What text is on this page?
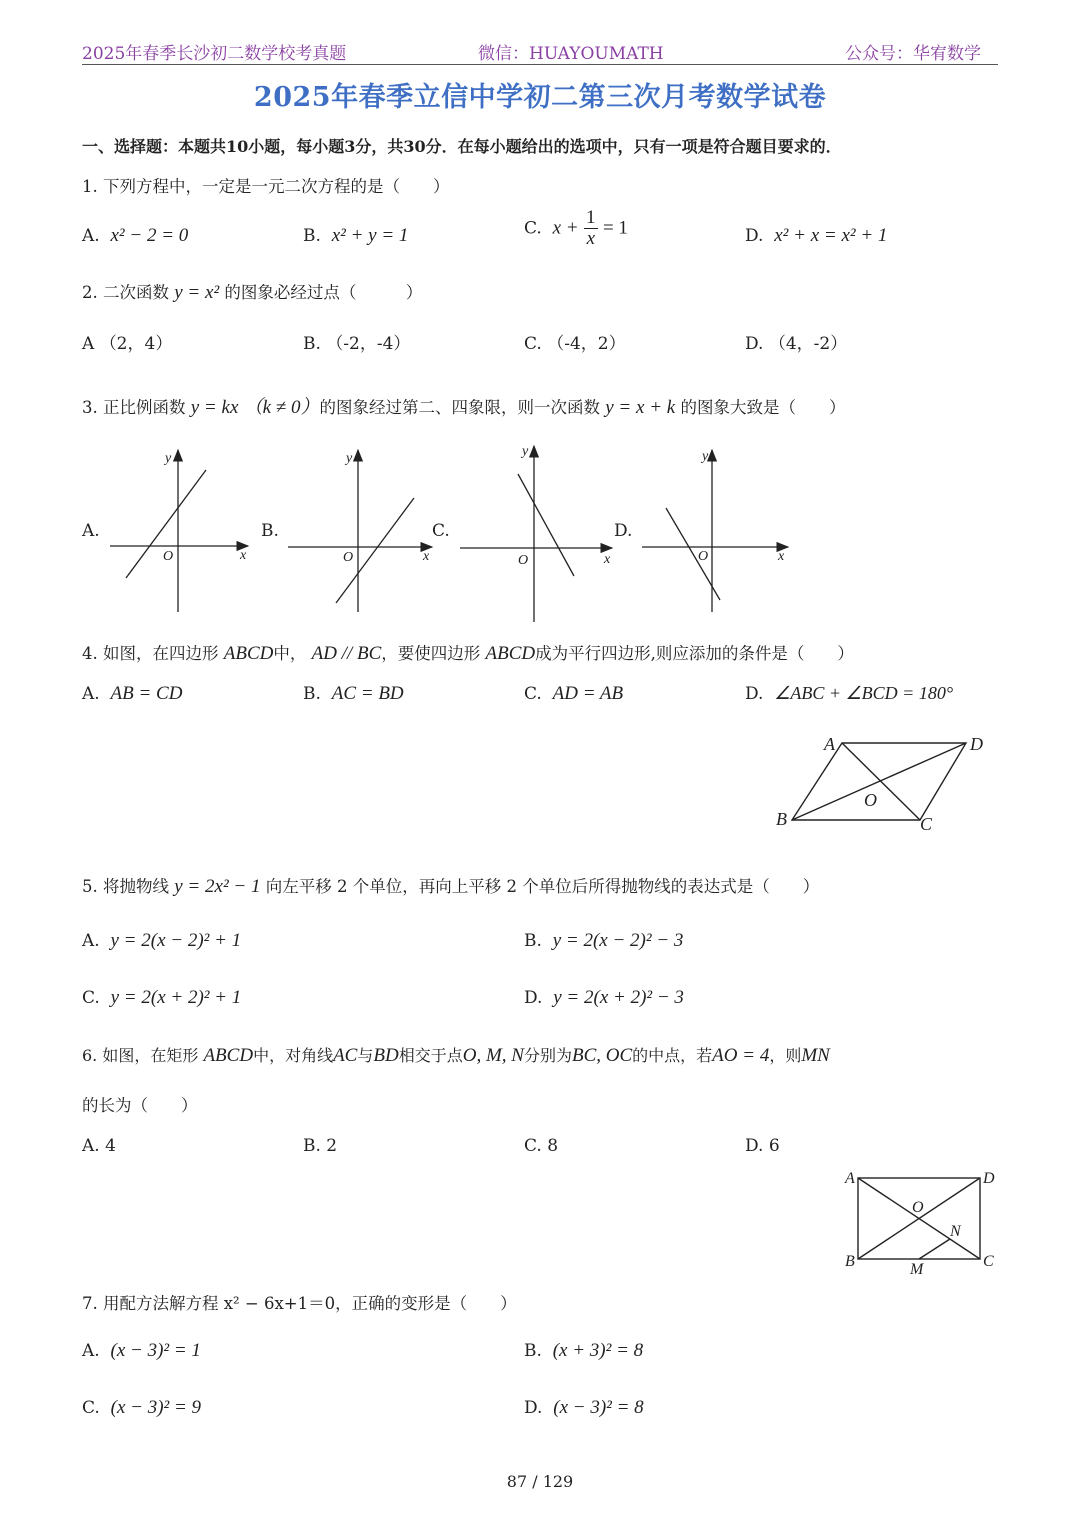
2025年春季长沙初二数学校考真题	微信：HUAYOUMATH	公众号：华宥数学
2025年春季立信中学初二第三次月考数学试卷
一、选择题：本题共10小题，每小题3分，共30分．在每小题给出的选项中，只有一项是符合题目要求的．
1. 下列方程中，一定是一元二次方程的是（　　）
A. x² − 2 = 0	B. x² + y = 1	C. $x + \frac{1}{x} = 1$	D. x² + x = x² + 1
2. 二次函数 y = x² 的图象必经过点（　　　）
A （2，4）	B. （-2，-4）	C. （-4，2）	D. （4，-2）
3. 正比例函数 y = kx （k ≠ 0）的图象经过第二、四象限，则一次函数 y = x + k 的图象大致是（　　）
A.	B.	C.	D.
y
x
O
y
x
O
y
x
O
y
x
O
A	D
B	C
O
A	D
B	C
O
N
M
4. 如图，在四边形 ABCD中， AD // BC，要使四边形 ABCD成为平行四边形,则应添加的条件是（　　）
A. AB = CD	B. AC = BD	C. AD = AB	D. ∠ABC + ∠BCD = 180°
5. 将抛物线 y = 2x² − 1 向左平移 2 个单位，再向上平移 2 个单位后所得抛物线的表达式是（　　）
A. y = 2(x − 2)² + 1	B. y = 2(x − 2)² − 3
C. y = 2(x + 2)² + 1	D. y = 2(x + 2)² − 3
6. 如图，在矩形 ABCD中，对角线AC与BD相交于点O, M, N分别为BC, OC的中点，若AO = 4，则MN
的长为（　　）
A. 4	B. 2	C. 8	D. 6
7. 用配方法解方程 x² − 6x+1＝0，正确的变形是（　　）
A. (x − 3)² = 1	B. (x + 3)² = 8
C. (x − 3)² = 9	D. (x − 3)² = 8
87 / 129
